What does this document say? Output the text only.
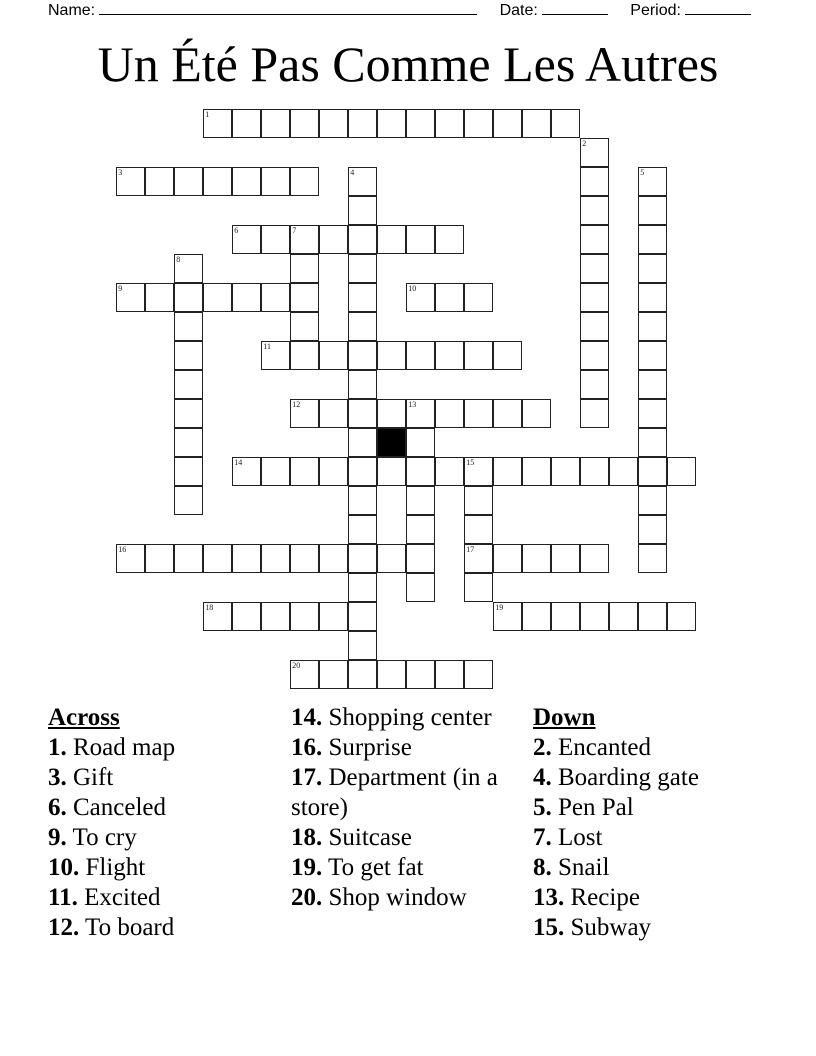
Name:	Date:	Period:
Un Été Pas Comme Les Autres
1
2
3	4	5
6	7
8
9	10
11
12	13
14	15
17
16
18	19
20
Across
1. Road map
3. Gift
6. Canceled
9. To cry
10. Flight
11. Excited
12. To board
14. Shopping center
16. Surprise
17. Department (in a store)
18. Suitcase
19. To get fat
20. Shop window
Down
2. Encanted
4. Boarding gate
5. Pen Pal
7. Lost
8. Snail
13. Recipe
15. Subway
